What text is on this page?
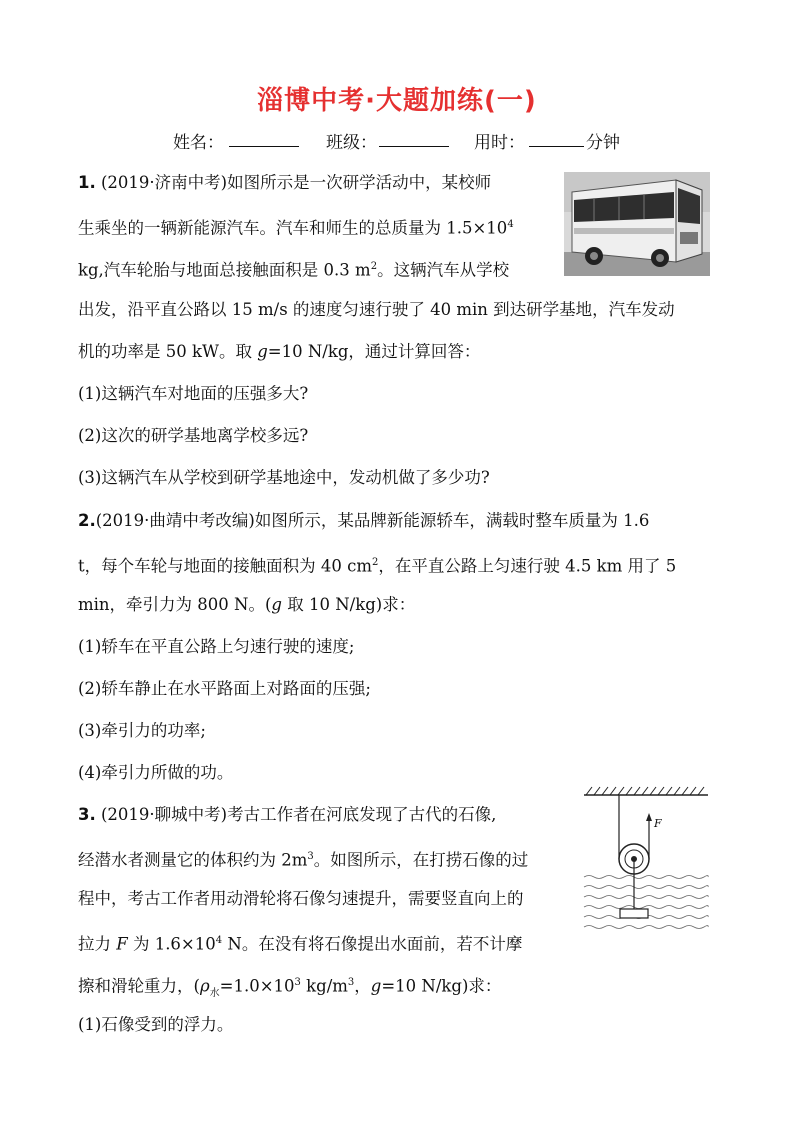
淄博中考·大题加练(一)
姓名：	班级：	用时：	分钟
1. (2019·济南中考)如图所示是一次研学活动中，某校师
生乘坐的一辆新能源汽车。汽车和师生的总质量为 $1.5\times 10^4$
kg,汽车轮胎与地面总接触面积是 0.3 $m^2$。这辆汽车从学校
出发，沿平直公路以 15 m/s 的速度匀速行驶了 40 min 到达研学基地，汽车发动
机的功率是 50 kW。取 g=10 N/kg，通过计算回答：
(1)这辆汽车对地面的压强多大?
(2)这次的研学基地离学校多远?
(3)这辆汽车从学校到研学基地途中，发动机做了多少功?
2.(2019·曲靖中考改编)如图所示，某品牌新能源轿车，满载时整车质量为 1.6
t，每个车轮与地面的接触面积为 40 $cm^2$，在平直公路上匀速行驶 4.5 km 用了 5
min，牵引力为 800 N。(g 取 10 N/kg)求：
(1)轿车在平直公路上匀速行驶的速度;
(2)轿车静止在水平路面上对路面的压强;
(3)牵引力的功率;
(4)牵引力所做的功。
3. (2019·聊城中考)考古工作者在河底发现了古代的石像,
经潜水者测量它的体积约为 $2m^3$。如图所示，在打捞石像的过
程中，考古工作者用动滑轮将石像匀速提升，需要竖直向上的
拉力 F 为 $1.6\times 10^4$ N。在没有将石像提出水面前，若不计摩
擦和滑轮重力，($\rho_水=1.0\times 10^3$ $kg/m^3$，g=10 N/kg)求：
(1)石像受到的浮力。
F
